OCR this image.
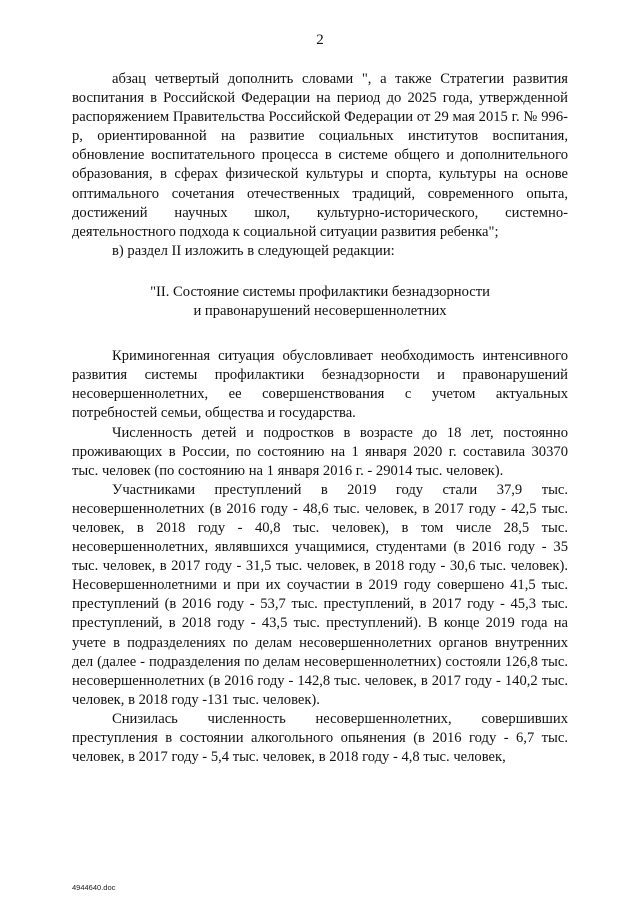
2

абзац четвертый дополнить словами ", а также Стратегии развития воспитания в Российской Федерации на период до 2025 года, утвержденной распоряжением Правительства Российской Федерации от 29 мая 2015 г. № 996-р, ориентированной на развитие социальных институтов воспитания, обновление воспитательного процесса в системе общего и дополнительного образования, в сферах физической культуры и спорта, культуры на основе оптимального сочетания отечественных традиций, современного опыта, достижений научных школ, культурно-исторического, системно-деятельностного подхода к социальной ситуации развития ребенка";

в) раздел II изложить в следующей редакции:

"II. Состояние системы профилактики безнадзорности
и правонарушений несовершеннолетних

Криминогенная ситуация обусловливает необходимость интенсивного развития системы профилактики безнадзорности и правонарушений несовершеннолетних, ее совершенствования с учетом актуальных потребностей семьи, общества и государства.

Численность детей и подростков в возрасте до 18 лет, постоянно проживающих в России, по состоянию на 1 января 2020 г. составила 30370 тыс. человек (по состоянию на 1 января 2016 г. - 29014 тыс. человек).

Участниками преступлений в 2019 году стали 37,9 тыс. несовершеннолетних (в 2016 году - 48,6 тыс. человек, в 2017 году - 42,5 тыс. человек, в 2018 году - 40,8 тыс. человек), в том числе 28,5 тыс. несовершеннолетних, являвшихся учащимися, студентами (в 2016 году - 35 тыс. человек, в 2017 году - 31,5 тыс. человек, в 2018 году - 30,6 тыс. человек). Несовершеннолетними и при их соучастии в 2019 году совершено 41,5 тыс. преступлений (в 2016 году - 53,7 тыс. преступлений, в 2017 году - 45,3 тыс. преступлений, в 2018 году - 43,5 тыс. преступлений). В конце 2019 года на учете в подразделениях по делам несовершеннолетних органов внутренних дел (далее - подразделения по делам несовершеннолетних) состояли 126,8 тыс. несовершеннолетних (в 2016 году - 142,8 тыс. человек, в 2017 году - 140,2 тыс. человек, в 2018 году -131 тыс. человек).

Снизилась численность несовершеннолетних, совершивших преступления в состоянии алкогольного опьянения (в 2016 году - 6,7 тыс. человек, в 2017 году - 5,4 тыс. человек, в 2018 году - 4,8 тыс. человек,

4944640.doc
